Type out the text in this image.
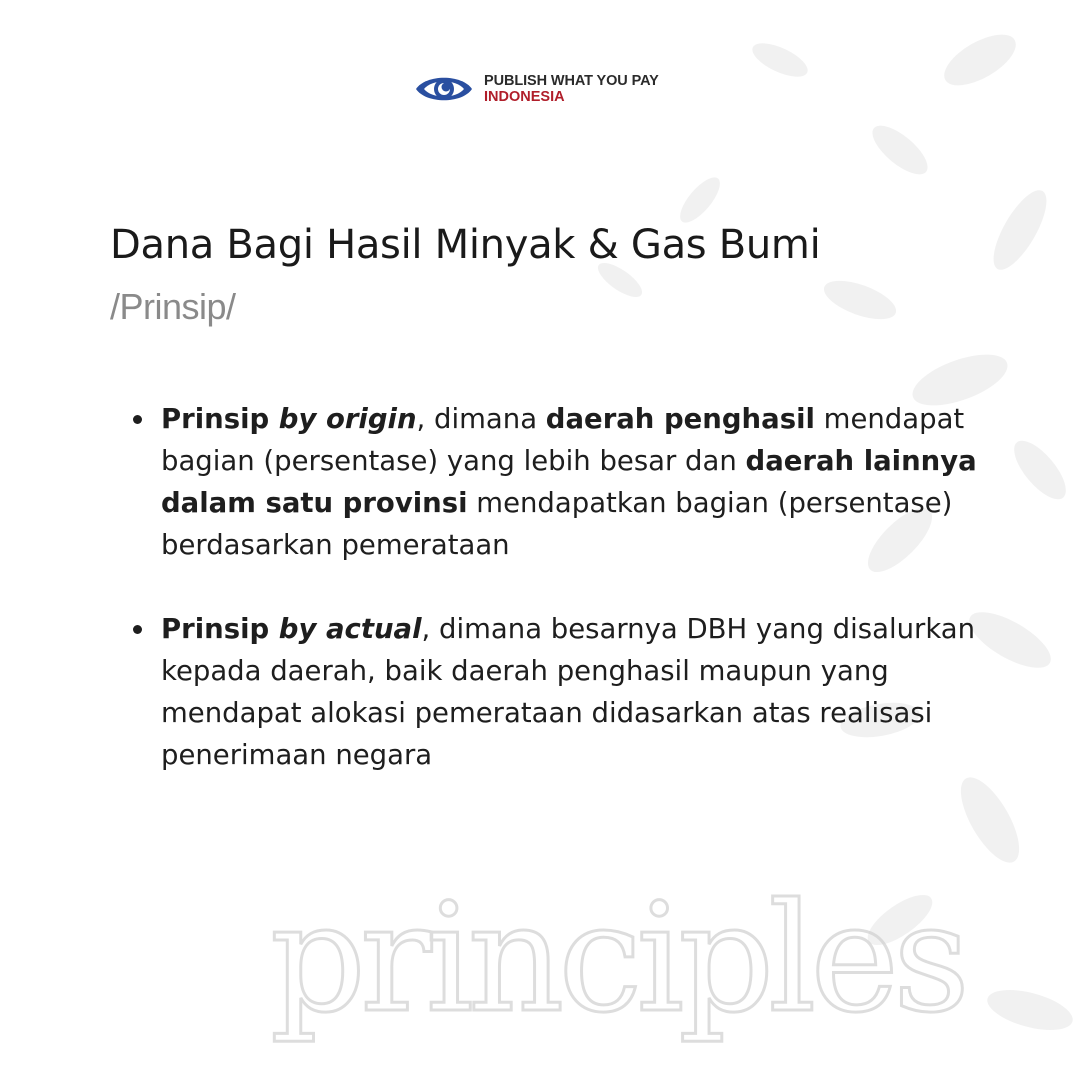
PUBLISH WHAT YOU PAY
INDONESIA
Dana Bagi Hasil Minyak & Gas Bumi

/Prinsip/

Prinsip by origin, dimana daerah penghasil mendapat bagian (persentase) yang lebih besar dan daerah lainnya dalam satu provinsi mendapatkan bagian (persentase) berdasarkan pemerataan
Prinsip by actual, dimana besarnya DBH yang disalurkan kepada daerah, baik daerah penghasil maupun yang mendapat alokasi pemerataan didasarkan atas realisasi penerimaan negara
principles
